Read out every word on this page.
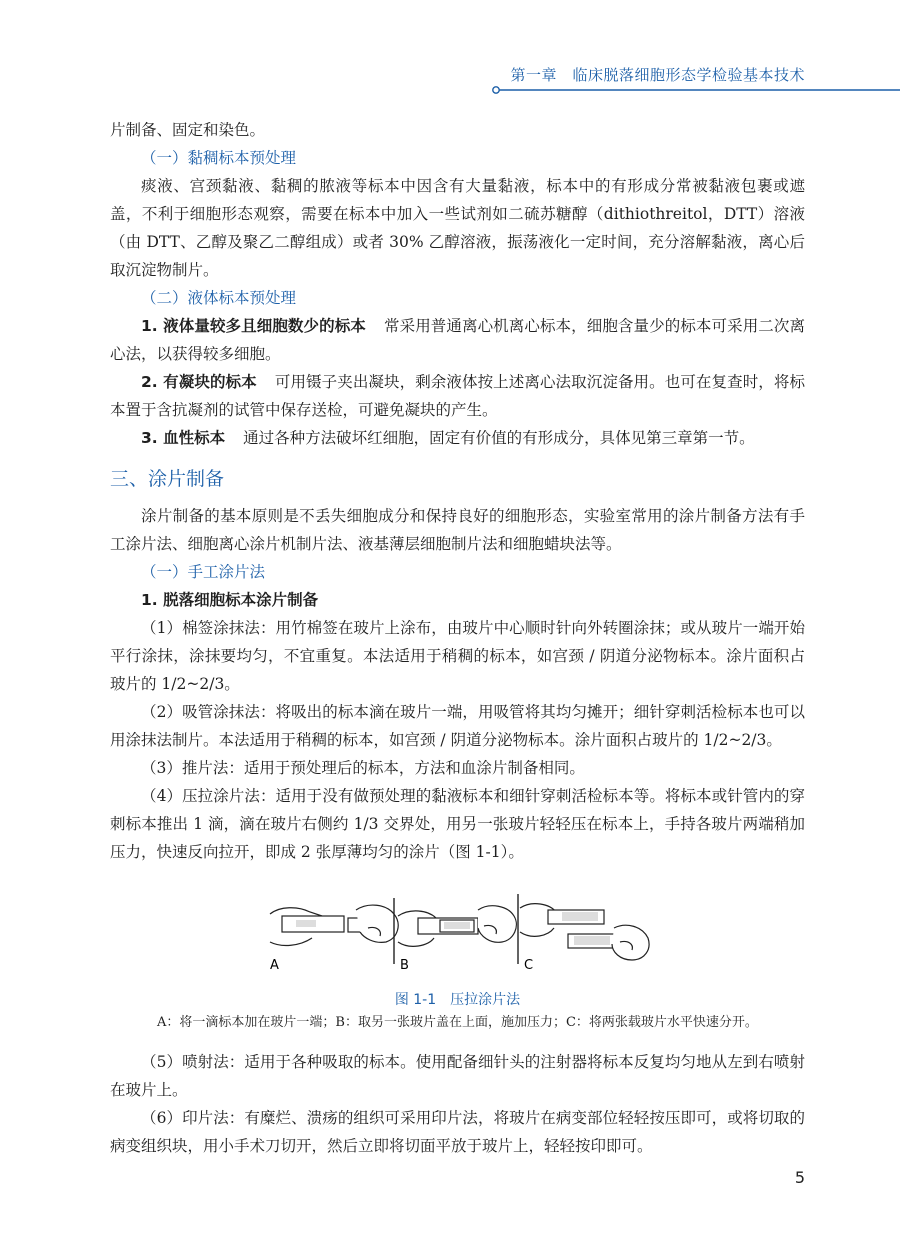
第一章　临床脱落细胞形态学检验基本技术

片制备、固定和染色。

（一）黏稠标本预处理

痰液、宫颈黏液、黏稠的脓液等标本中因含有大量黏液，标本中的有形成分常被黏液包裹或遮盖，不利于细胞形态观察，需要在标本中加入一些试剂如二硫苏糖醇（dithiothreitol，DTT）溶液（由 DTT、乙醇及聚乙二醇组成）或者 30% 乙醇溶液，振荡液化一定时间，充分溶解黏液，离心后取沉淀物制片。

（二）液体标本预处理

1. 液体量较多且细胞数少的标本 常采用普通离心机离心标本，细胞含量少的标本可采用二次离心法，以获得较多细胞。

2. 有凝块的标本 可用镊子夹出凝块，剩余液体按上述离心法取沉淀备用。也可在复查时，将标本置于含抗凝剂的试管中保存送检，可避免凝块的产生。

3. 血性标本 通过各种方法破坏红细胞，固定有价值的有形成分，具体见第三章第一节。

三、涂片制备

涂片制备的基本原则是不丢失细胞成分和保持良好的细胞形态，实验室常用的涂片制备方法有手工涂片法、细胞离心涂片机制片法、液基薄层细胞制片法和细胞蜡块法等。

（一）手工涂片法

1. 脱落细胞标本涂片制备

（1）棉签涂抹法：用竹棉签在玻片上涂布，由玻片中心顺时针向外转圈涂抹；或从玻片一端开始平行涂抹，涂抹要均匀，不宜重复。本法适用于稍稠的标本，如宫颈 / 阴道分泌物标本。涂片面积占玻片的 1/2~2/3。

（2）吸管涂抹法：将吸出的标本滴在玻片一端，用吸管将其均匀摊开；细针穿刺活检标本也可以用涂抹法制片。本法适用于稍稠的标本，如宫颈 / 阴道分泌物标本。涂片面积占玻片的 1/2~2/3。

（3）推片法：适用于预处理后的标本，方法和血涂片制备相同。

（4）压拉涂片法：适用于没有做预处理的黏液标本和细针穿刺活检标本等。将标本或针管内的穿刺标本推出 1 滴，滴在玻片右侧约 1/3 交界处，用另一张玻片轻轻压在标本上，手持各玻片两端稍加压力，快速反向拉开，即成 2 张厚薄均匀的涂片（图 1-1）。

A	B	C
图 1-1　压拉涂片法
A：将一滴标本加在玻片一端；B：取另一张玻片盖在上面，施加压力；C：将两张载玻片水平快速分开。

（5）喷射法：适用于各种吸取的标本。使用配备细针头的注射器将标本反复均匀地从左到右喷射在玻片上。

（6）印片法：有糜烂、溃疡的组织可采用印片法，将玻片在病变部位轻轻按压即可，或将切取的病变组织块，用小手术刀切开，然后立即将切面平放于玻片上，轻轻按印即可。

5
